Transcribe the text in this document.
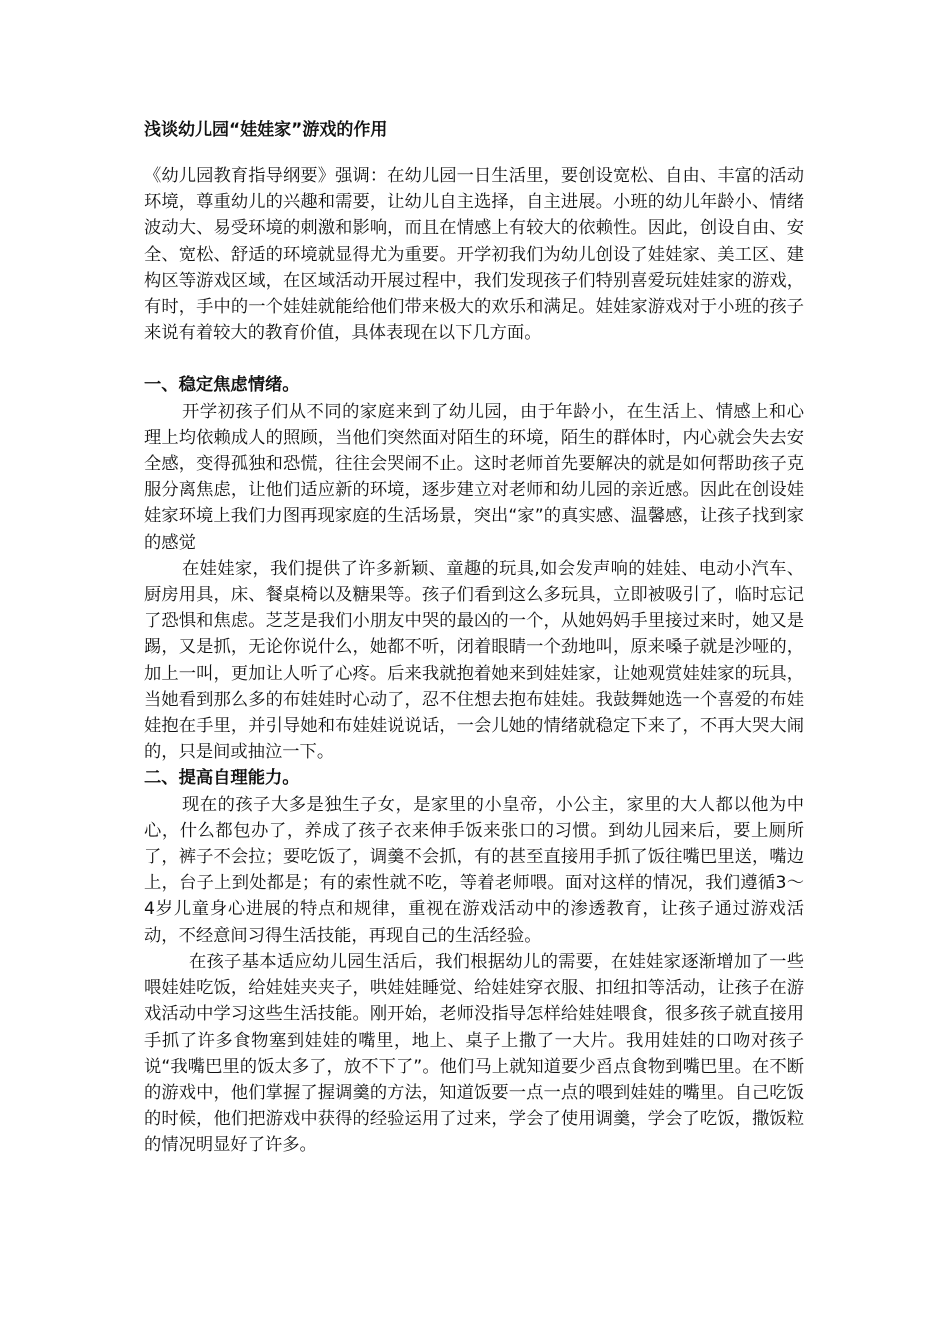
浅谈幼儿园“娃娃家”游戏的作用

《幼儿园教育指导纲要》强调：在幼儿园一日生活里，要创设宽松、自由、丰富的活动环境，尊重幼儿的兴趣和需要，让幼儿自主选择，自主进展。小班的幼儿年龄小、情绪波动大、易受环境的刺激和影响，而且在情感上有较大的依赖性。因此，创设自由、安全、宽松、舒适的环境就显得尤为重要。开学初我们为幼儿创设了娃娃家、美工区、建构区等游戏区域，在区域活动开展过程中，我们发现孩子们特别喜爱玩娃娃家的游戏，有时，手中的一个娃娃就能给他们带来极大的欢乐和满足。娃娃家游戏对于小班的孩子来说有着较大的教育价值，具体表现在以下几方面。

一、稳定焦虑情绪。

开学初孩子们从不同的家庭来到了幼儿园，由于年龄小，在生活上、情感上和心理上均依赖成人的照顾，当他们突然面对陌生的环境，陌生的群体时，内心就会失去安全感，变得孤独和恐慌，往往会哭闹不止。这时老师首先要解决的就是如何帮助孩子克服分离焦虑，让他们适应新的环境，逐步建立对老师和幼儿园的亲近感。因此在创设娃娃家环境上我们力图再现家庭的生活场景，突出“家”的真实感、温馨感，让孩子找到家的感觉

在娃娃家，我们提供了许多新颖、童趣的玩具,如会发声响的娃娃、电动小汽车、厨房用具，床、餐桌椅以及糖果等。孩子们看到这么多玩具，立即被吸引了，临时忘记了恐惧和焦虑。芝芝是我们小朋友中哭的最凶的一个，从她妈妈手里接过来时，她又是踢，又是抓，无论你说什么，她都不听，闭着眼睛一个劲地叫，原来嗓子就是沙哑的，加上一叫，更加让人听了心疼。后来我就抱着她来到娃娃家，让她观赏娃娃家的玩具，当她看到那么多的布娃娃时心动了，忍不住想去抱布娃娃。我鼓舞她选一个喜爱的布娃娃抱在手里，并引导她和布娃娃说说话，一会儿她的情绪就稳定下来了，不再大哭大闹的，只是间或抽泣一下。

二、提高自理能力。

现在的孩子大多是独生子女，是家里的小皇帝，小公主，家里的大人都以他为中心，什么都包办了，养成了孩子衣来伸手饭来张口的习惯。到幼儿园来后，要上厕所了，裤子不会拉；要吃饭了，调羹不会抓，有的甚至直接用手抓了饭往嘴巴里送，嘴边上，台子上到处都是；有的索性就不吃，等着老师喂。面对这样的情况，我们遵循3～4岁儿童身心进展的特点和规律，重视在游戏活动中的渗透教育，让孩子通过游戏活动，不经意间习得生活技能，再现自己的生活经验。

在孩子基本适应幼儿园生活后，我们根据幼儿的需要，在娃娃家逐渐增加了一些喂娃娃吃饭，给娃娃夹夹子，哄娃娃睡觉、给娃娃穿衣服、扣纽扣等活动，让孩子在游戏活动中学习这些生活技能。刚开始，老师没指导怎样给娃娃喂食，很多孩子就直接用手抓了许多食物塞到娃娃的嘴里，地上、桌子上撒了一大片。我用娃娃的口吻对孩子说“我嘴巴里的饭太多了，放不下了”。他们马上就知道要少舀点食物到嘴巴里。在不断的游戏中，他们掌握了握调羹的方法，知道饭要一点一点的喂到娃娃的嘴里。自己吃饭的时候，他们把游戏中获得的经验运用了过来，学会了使用调羹，学会了吃饭，撒饭粒的情况明显好了许多。
